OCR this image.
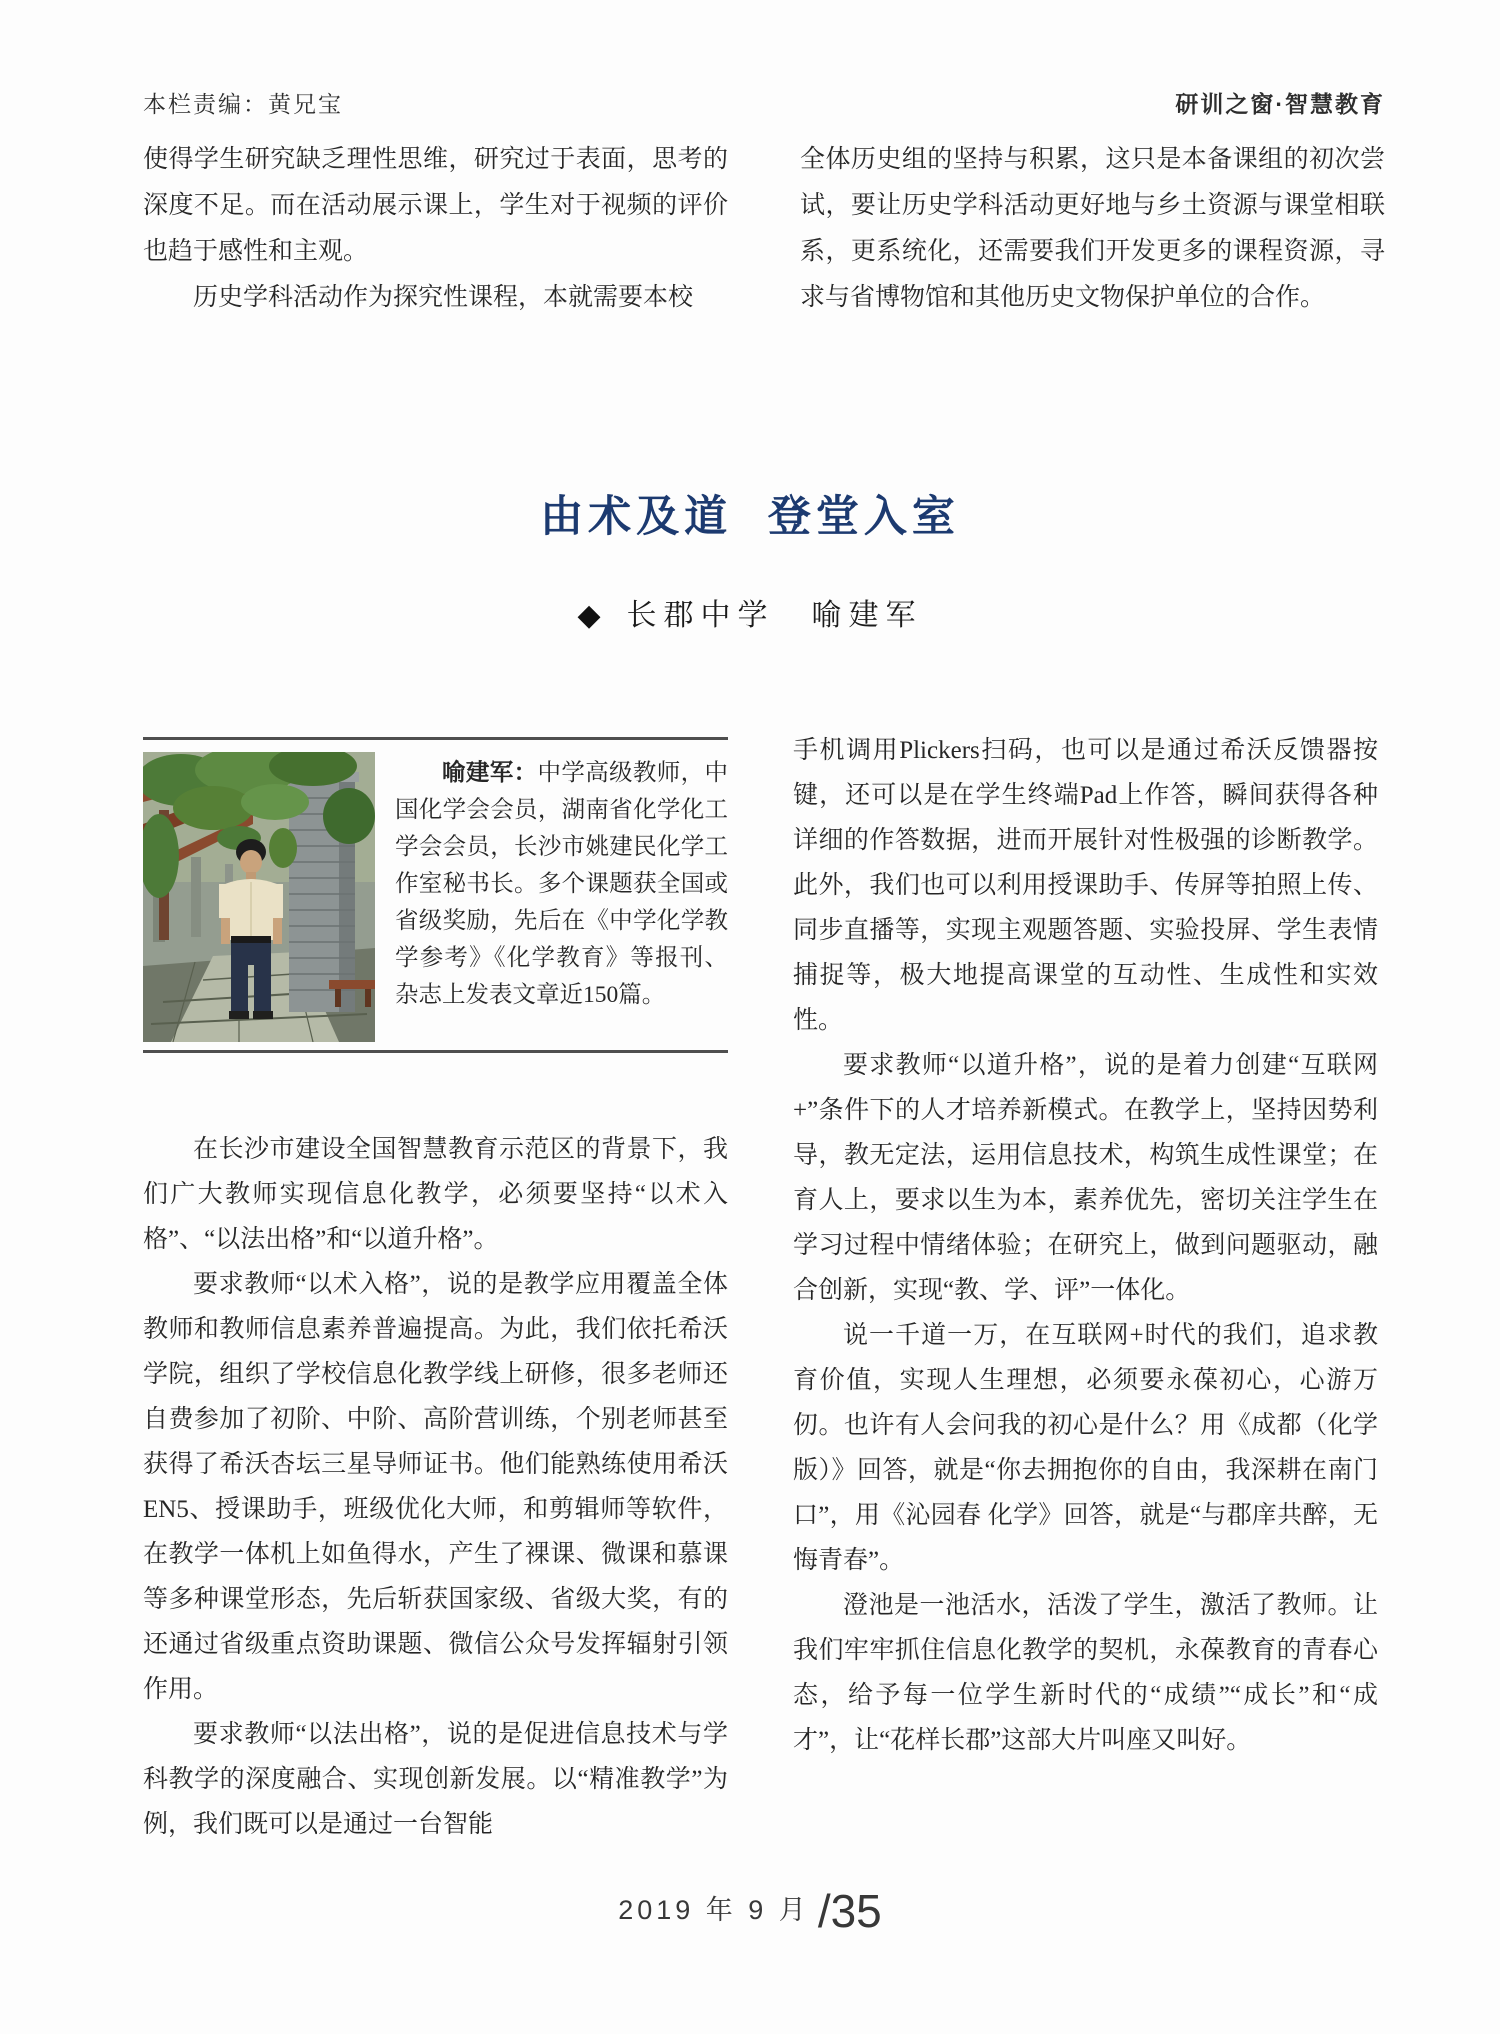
本栏责编：黄兄宝	研训之窗·智慧教育

使得学生研究缺乏理性思维，研究过于表面，思考的深度不足。而在活动展示课上，学生对于视频的评价也趋于感性和主观。

历史学科活动作为探究性课程，本就需要本校

全体历史组的坚持与积累，这只是本备课组的初次尝试，要让历史学科活动更好地与乡土资源与课堂相联系，更系统化，还需要我们开发更多的课程资源，寻求与省博物馆和其他历史文物保护单位的合作。

由术及道 登堂入室
◆ 长郡中学　喻建军

喻建军：中学高级教师，中国化学会会员，湖南省化学化工学会会员，长沙市姚建民化学工作室秘书长。多个课题获全国或省级奖励，先后在《中学化学教学参考》《化学教育》等报刊、杂志上发表文章近150篇。

在长沙市建设全国智慧教育示范区的背景下，我们广大教师实现信息化教学，必须要坚持“以术入格”、“以法出格”和“以道升格”。

要求教师“以术入格”，说的是教学应用覆盖全体教师和教师信息素养普遍提高。为此，我们依托希沃学院，组织了学校信息化教学线上研修，很多老师还自费参加了初阶、中阶、高阶营训练，个别老师甚至获得了希沃杏坛三星导师证书。他们能熟练使用希沃EN5、授课助手，班级优化大师，和剪辑师等软件，在教学一体机上如鱼得水，产生了裸课、微课和慕课等多种课堂形态，先后斩获国家级、省级大奖，有的还通过省级重点资助课题、微信公众号发挥辐射引领作用。

要求教师“以法出格”，说的是促进信息技术与学科教学的深度融合、实现创新发展。以“精准教学”为例，我们既可以是通过一台智能

手机调用Plickers扫码，也可以是通过希沃反馈器按键，还可以是在学生终端Pad上作答，瞬间获得各种详细的作答数据，进而开展针对性极强的诊断教学。此外，我们也可以利用授课助手、传屏等拍照上传、同步直播等，实现主观题答题、实验投屏、学生表情捕捉等，极大地提高课堂的互动性、生成性和实效性。

要求教师“以道升格”，说的是着力创建“互联网+”条件下的人才培养新模式。在教学上，坚持因势利导，教无定法，运用信息技术，构筑生成性课堂；在育人上，要求以生为本，素养优先，密切关注学生在学习过程中情绪体验；在研究上，做到问题驱动，融合创新，实现“教、学、评”一体化。

说一千道一万，在互联网+时代的我们，追求教育价值，实现人生理想，必须要永葆初心，心游万仞。也许有人会问我的初心是什么？用《成都（化学版）》回答，就是“你去拥抱你的自由，我深耕在南门口”，用《沁园春 化学》回答，就是“与郡庠共醉，无悔青春”。

澄池是一池活水，活泼了学生，激活了教师。让我们牢牢抓住信息化教学的契机，永葆教育的青春心态，给予每一位学生新时代的“成绩”“成长”和“成才”，让“花样长郡”这部大片叫座又叫好。

2019 年 9 月 /35
